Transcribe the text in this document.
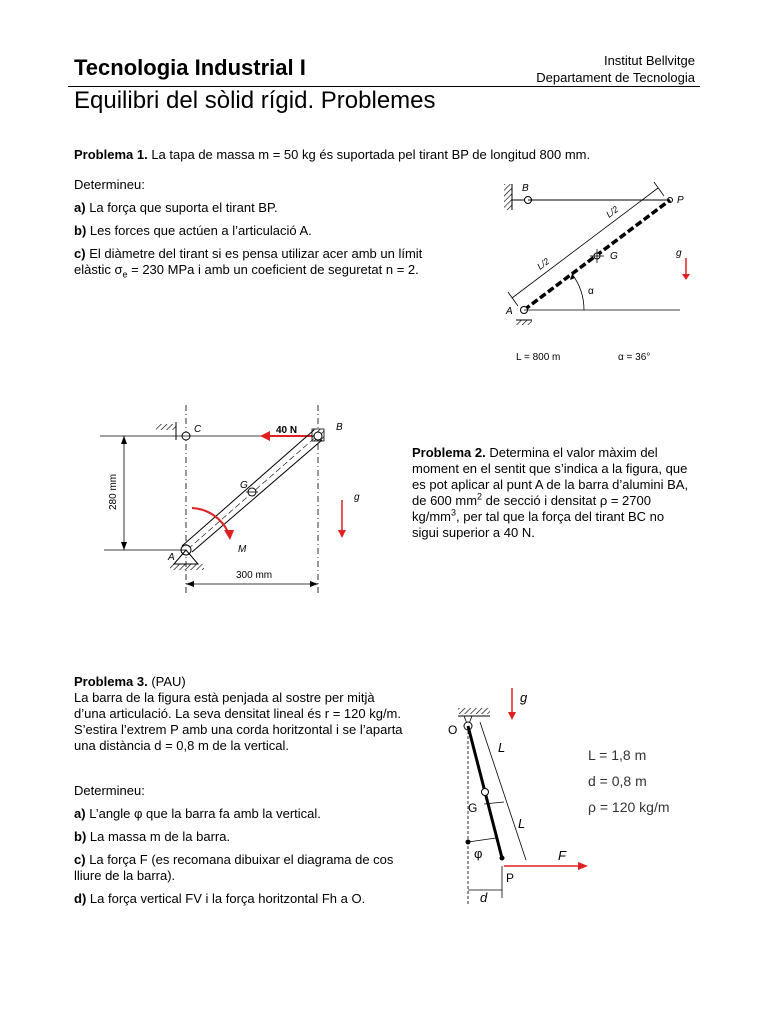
Tecnologia Industrial I	Institut Bellvitge
Departament de Tecnologia
Equilibri del sòlid rígid. Problemes
Problema 1. La tapa de massa m = 50 kg és suportada pel tirant BP de longitud 800 mm.

Determineu:

a) La força que suporta el tirant BP.

b) Les forces que actúen a l’articulació A.

c) El diàmetre del tirant si es pensa utilizar acer amb un límit elàstic $\sigma_e = 230$ MPa i amb un coeficient de seguretat n = 2.

B
P
L/2
L/2	G
A
α
g
L = 800 m	α = 36°
C	40 N	B
G
A
M
280 mm
300 mm
g
Problema 2. Determina el valor màxim del moment en el sentit que s’indica a la figura, que es pot aplicar al punt A de la barra d’alumini BA, de 600 $mm^2$ de secció i densitat ρ = 2700 $kg/mm^3$, per tal que la força del tirant BC no sigui superior a 40 N.
Problema 3. (PAU)
La barra de la figura està penjada al sostre per mitjà d’una articulació. La seva densitat lineal és r = 120 kg/m.
S’estira l’extrem P amb una corda horitzontal i se l’aparta una distància d = 0,8 m de la vertical.

Determineu:

a) L’angle φ que la barra fa amb la vertical.

b) La massa m de la barra.

c) La força F (es recomana dibuixar el diagrama de cos lliure de la barra).

d) La força vertical FV i la força horitzontal Fh a O.

O
L
L
G
φ
P
F
d
g
L = 1,8 m
d = 0,8 m
ρ = 120 kg/m
